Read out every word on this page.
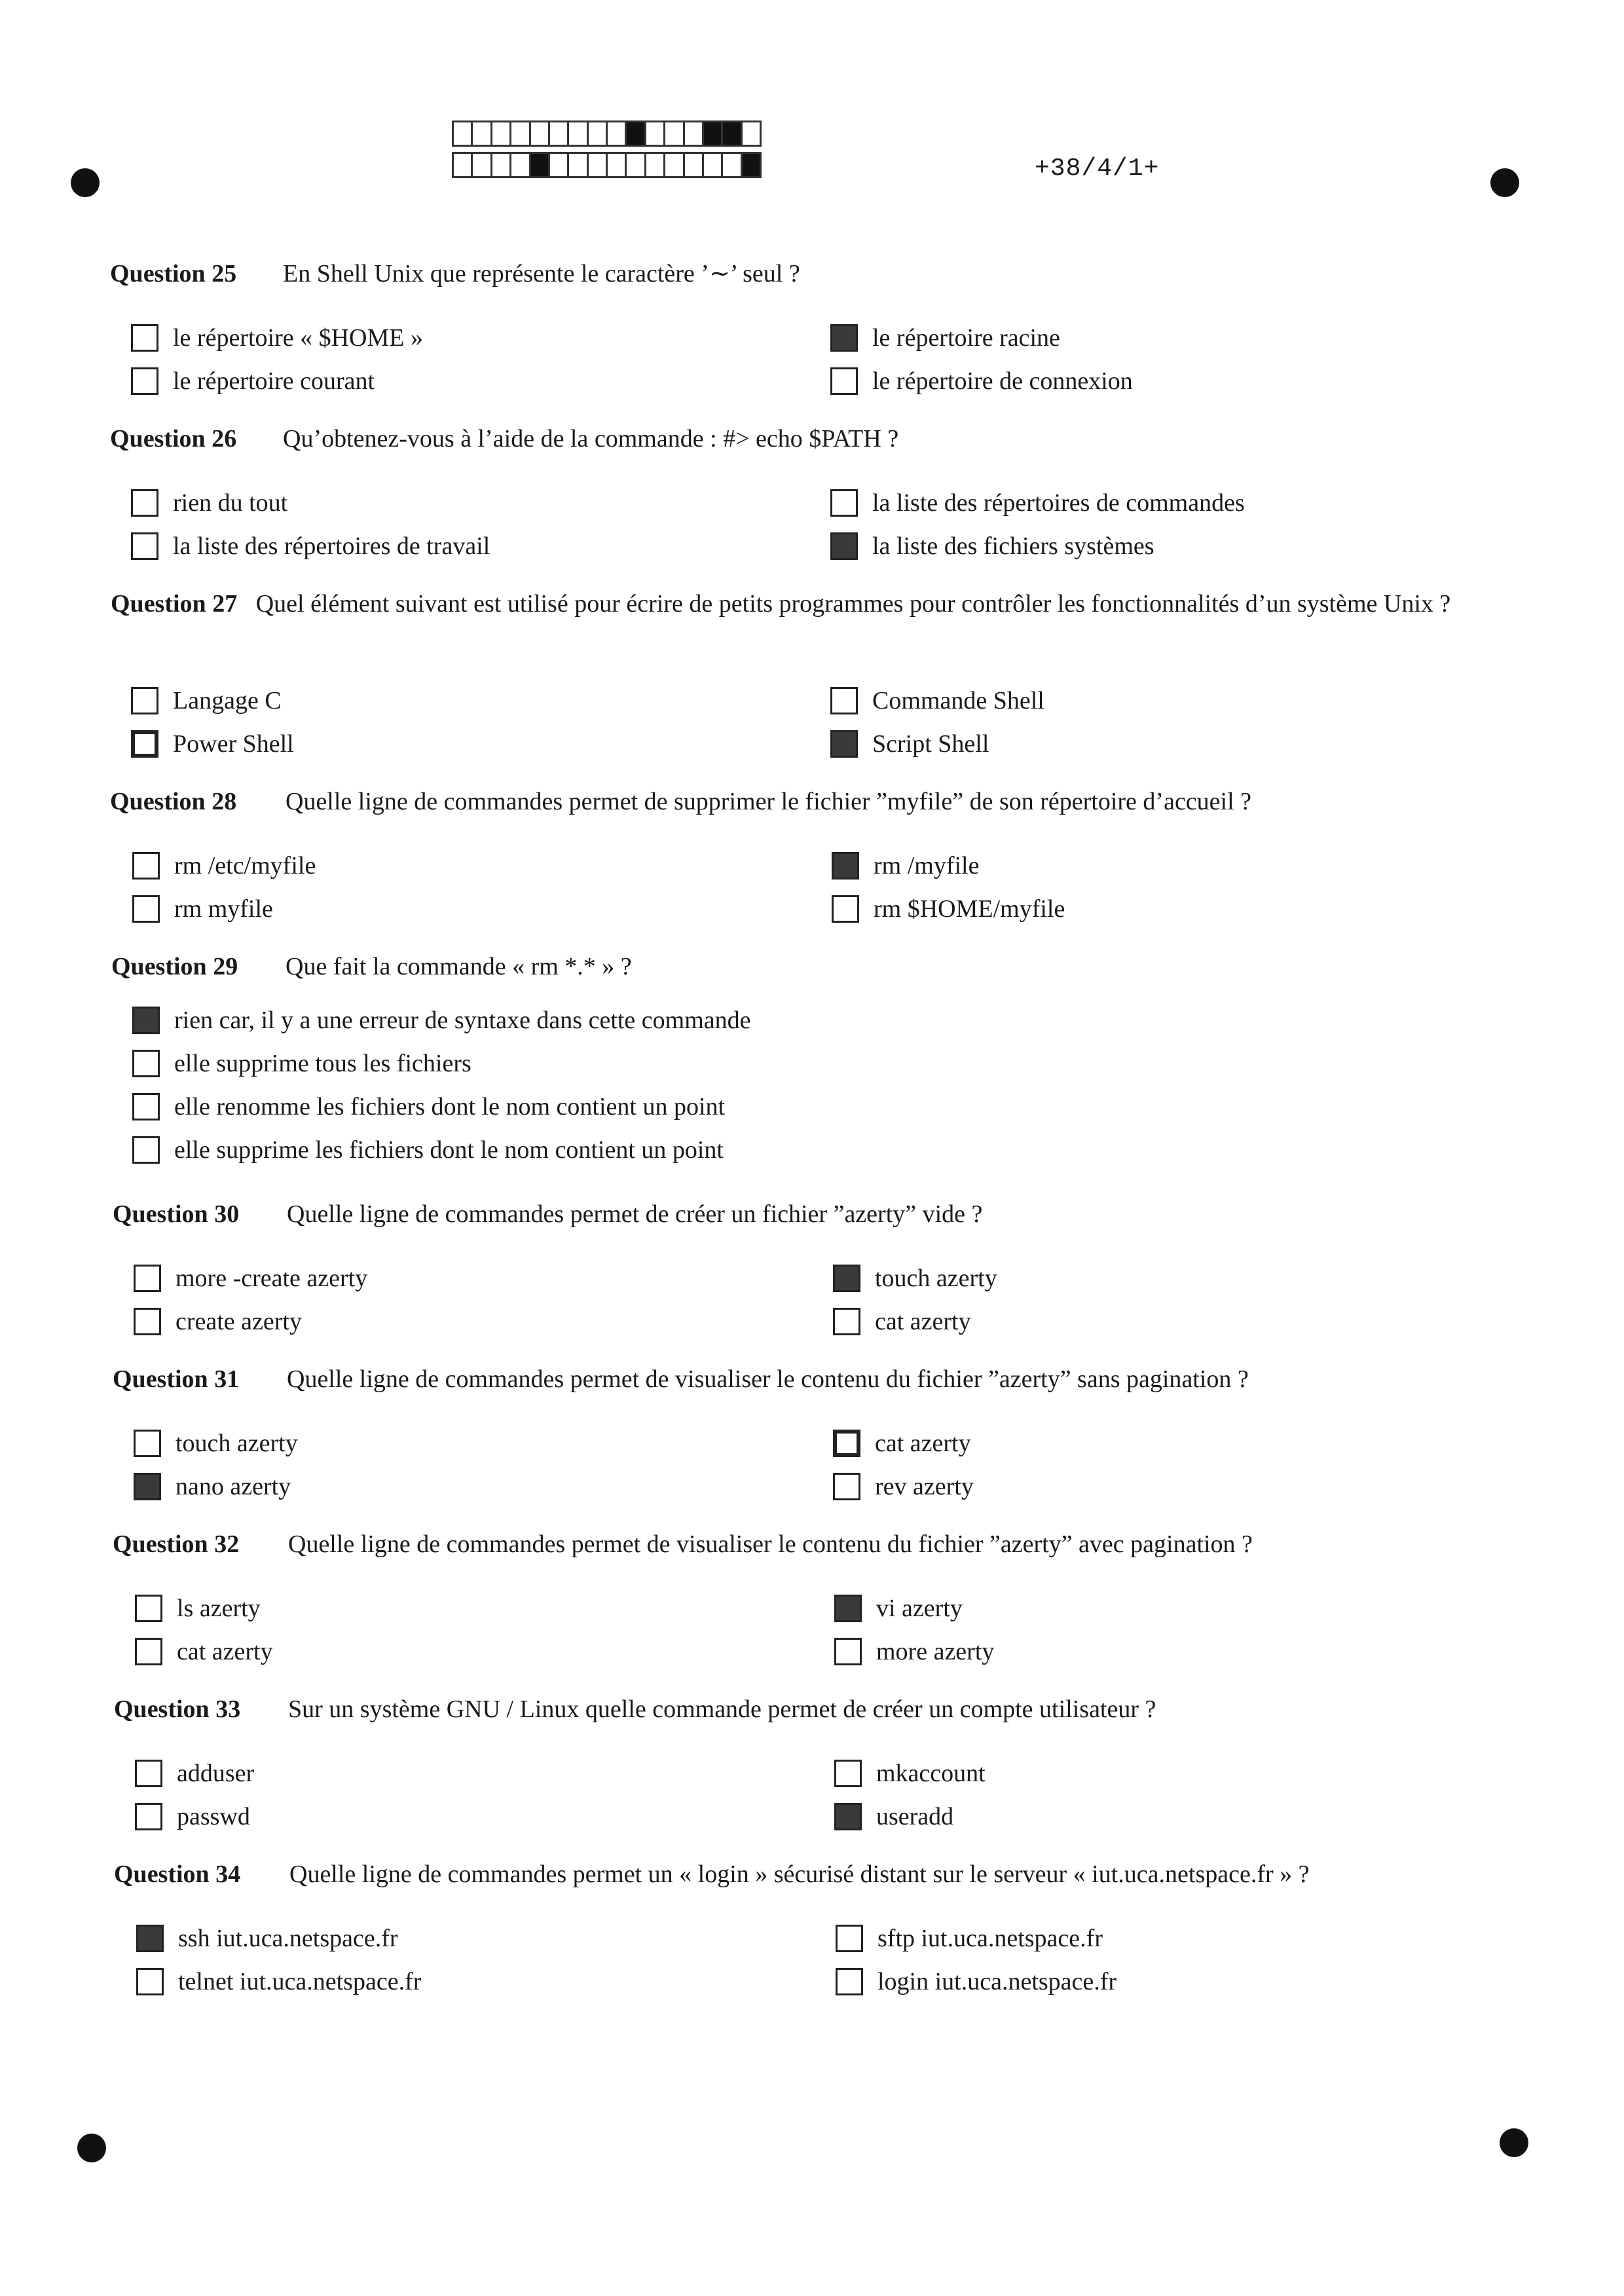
+38/4/1+
Question 25 En Shell Unix que représente le caractère ’∼’ seul ?
le répertoire « $HOME »	le répertoire racine
le répertoire courant	le répertoire de connexion
Question 26 Qu’obtenez-vous à l’aide de la commande : #> echo $PATH ?
rien du tout	la liste des répertoires de commandes
la liste des répertoires de travail	la liste des fichiers systèmes
Question 27 Quel élément suivant est utilisé pour écrire de petits programmes pour contrôler les fonctionnalités d’un système Unix ?
Langage C	Commande Shell
Power Shell	Script Shell
Question 28 Quelle ligne de commandes permet de supprimer le fichier ”myfile” de son répertoire d’accueil ?
rm /etc/myfile	rm /myfile
rm myfile	rm $HOME/myfile
Question 29 Que fait la commande « rm *.* » ?
rien car, il y a une erreur de syntaxe dans cette commande
elle supprime tous les fichiers
elle renomme les fichiers dont le nom contient un point
elle supprime les fichiers dont le nom contient un point
Question 30 Quelle ligne de commandes permet de créer un fichier ”azerty” vide ?
more -create azerty	touch azerty
create azerty	cat azerty
Question 31 Quelle ligne de commandes permet de visualiser le contenu du fichier ”azerty” sans pagination ?
touch azerty	cat azerty
nano azerty	rev azerty
Question 32 Quelle ligne de commandes permet de visualiser le contenu du fichier ”azerty” avec pagination ?
ls azerty	vi azerty
cat azerty	more azerty
Question 33 Sur un système GNU / Linux quelle commande permet de créer un compte utilisateur ?
adduser	mkaccount
passwd	useradd
Question 34 Quelle ligne de commandes permet un « login » sécurisé distant sur le serveur « iut.uca.netspace.fr » ?
ssh iut.uca.netspace.fr	sftp iut.uca.netspace.fr
telnet iut.uca.netspace.fr	login iut.uca.netspace.fr
